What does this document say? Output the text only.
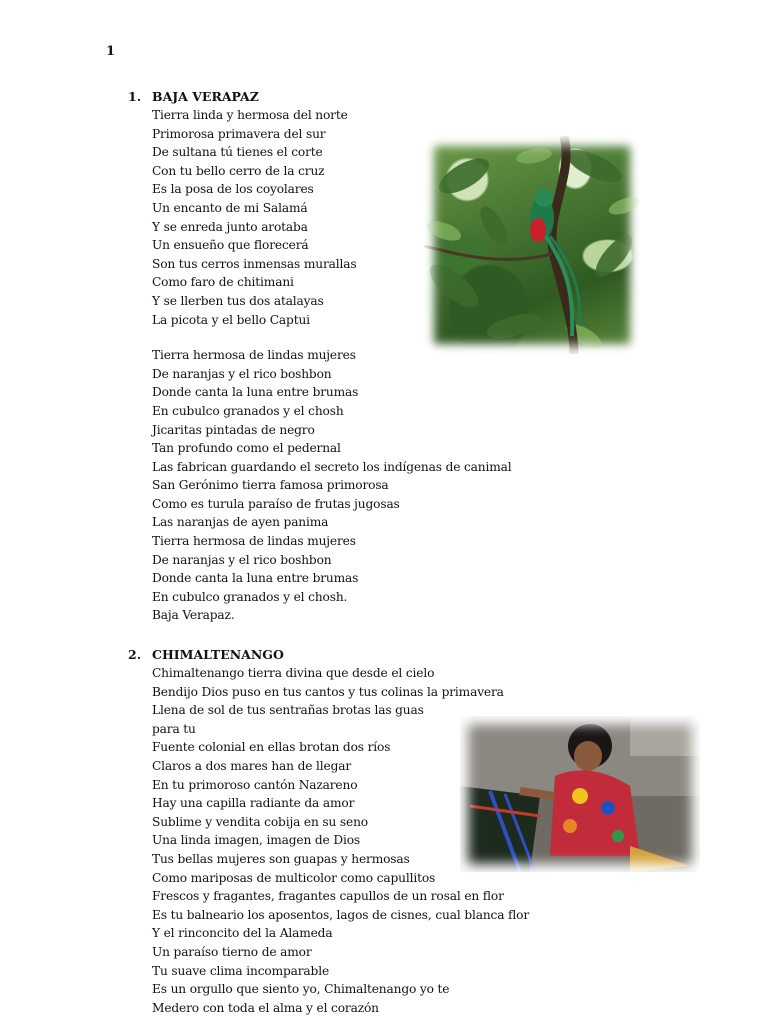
1
1. BAJA VERAPAZ
Tierra linda y hermosa del norte
Primorosa primavera del sur
De sultana tú tienes el corte
Con tu bello cerro de la cruz
Es la posa de los coyolares
Un encanto de mi Salamá
Y se enreda junto arotaba
Un ensueño que florecerá
Son tus cerros inmensas murallas
Como faro de chitimani
Y se llerben tus dos atalayas
La picota y el bello Captui
Tierra hermosa de lindas mujeres
De naranjas y el rico boshbon
Donde canta la luna entre brumas
En cubulco granados y el chosh
Jicaritas pintadas de negro
Tan profundo como el pedernal
Las fabrican guardando el secreto los indígenas de canimal
San Gerónimo tierra famosa primorosa
Como es turula paraíso de frutas jugosas
Las naranjas de ayen panima
Tierra hermosa de lindas mujeres
De naranjas y el rico boshbon
Donde canta la luna entre brumas
En cubulco granados y el chosh.
Baja Verapaz.
2. CHIMALTENANGO
Chimaltenango tierra divina que desde el cielo
Bendijo Dios puso en tus cantos y tus colinas la primavera
Llena de sol de tus sentrañas brotas las guas
para tu
Fuente colonial en ellas brotan dos ríos
Claros a dos mares han de llegar
En tu primoroso cantón Nazareno
Hay una capilla radiante da amor
Sublime y vendita cobija en su seno
Una linda imagen, imagen de Dios
Tus bellas mujeres son guapas y hermosas
Como mariposas de multicolor como capullitos
Frescos y fragantes, fragantes capullos de un rosal en flor
Es tu balneario los aposentos, lagos de cisnes, cual blanca flor
Y el rinconcito del la Alameda
Un paraíso tierno de amor
Tu suave clima incomparable
Es un orgullo que siento yo, Chimaltenango yo te
Medero con toda el alma y el corazón
